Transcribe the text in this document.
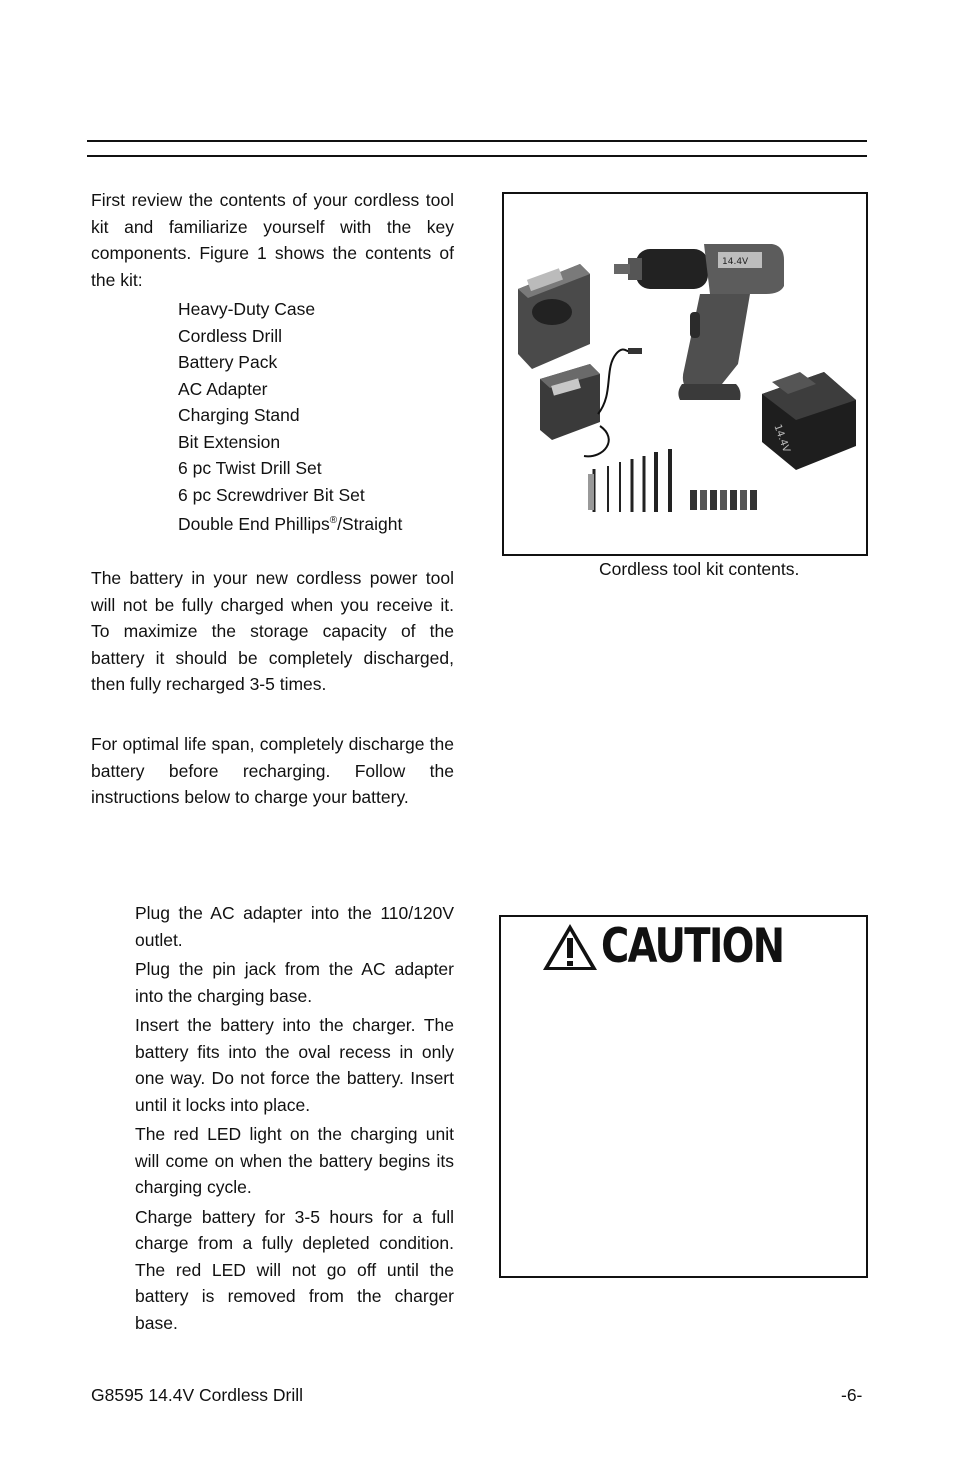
First review the contents of your cordless tool kit and familiarize yourself with the key components. Figure 1 shows the contents of the kit:

Heavy-Duty Case
Cordless Drill
Battery Pack
AC Adapter
Charging Stand
Bit Extension
6 pc Twist Drill Set
6 pc Screwdriver Bit Set
Double End Phillips®/Straight

The battery in your new cordless power tool will not be fully charged when you receive it. To maximize the storage capacity of the battery it should be completely discharged, then fully recharged 3-5 times.

For optimal life span, completely discharge the battery before recharging. Follow the instructions below to charge your battery.

Plug the AC adapter into the 110/120V outlet.
Plug the pin jack from the AC adapter into the charging base.
Insert the battery into the charger. The battery fits into the oval recess in only one way. Do not force the battery. Insert until it locks into place.
The red LED light on the charging unit will come on when the battery begins its charging cycle.
Charge battery for 3-5 hours for a full charge from a fully depleted condition. The red LED will not go off until the battery is removed from the charger base.
14.4V
14.4V
Cordless tool kit contents.
CAUTION
G8595 14.4V Cordless Drill	-6-
